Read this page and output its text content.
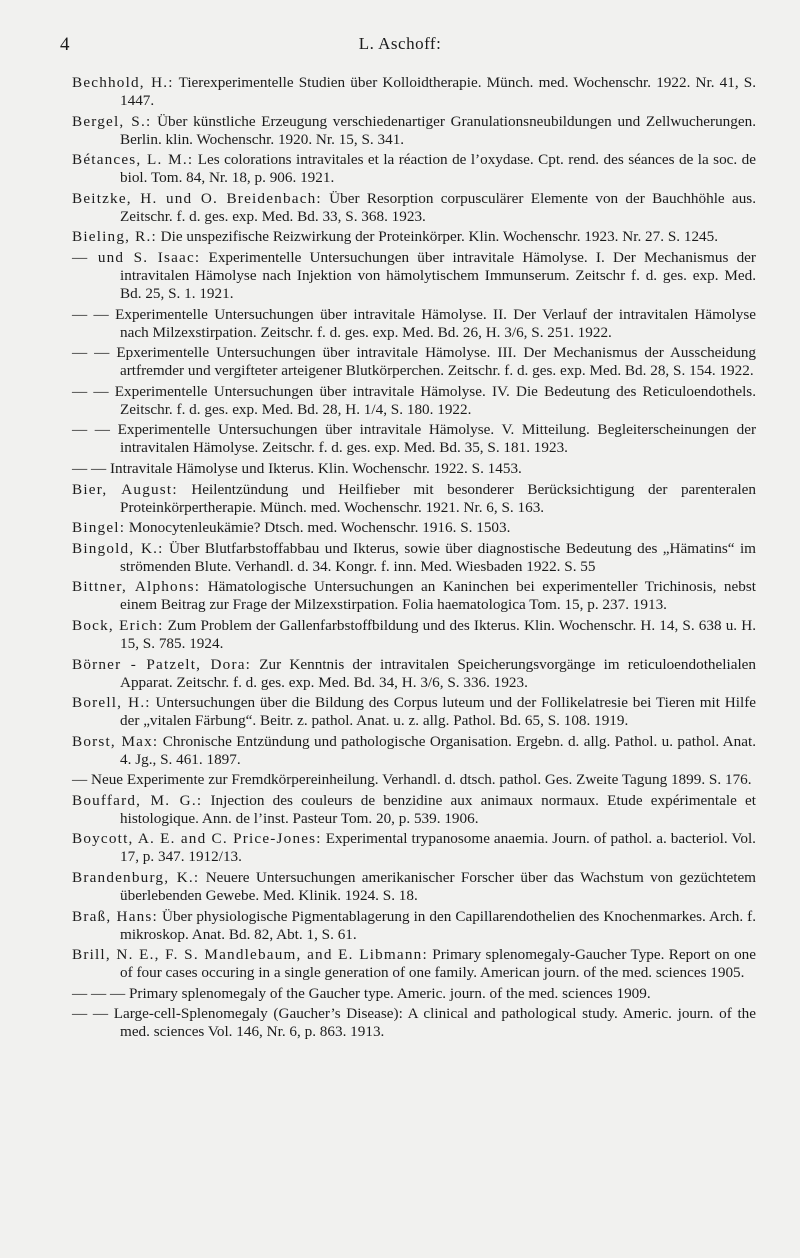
4	L. Aschoff:

Bechhold, H.: Tierexperimentelle Studien über Kolloidtherapie. Münch. med. Wochenschr. 1922. Nr. 41, S. 1447.

Bergel, S.: Über künstliche Erzeugung verschiedenartiger Granulationsneubildungen und Zellwucherungen. Berlin. klin. Wochenschr. 1920. Nr. 15, S. 341.

Bétances, L. M.: Les colorations intravitales et la réaction de l’oxydase. Cpt. rend. des séances de la soc. de biol. Tom. 84, Nr. 18, p. 906. 1921.

Beitzke, H. und O. Breidenbach: Über Resorption corpusculärer Elemente von der Bauchhöhle aus. Zeitschr. f. d. ges. exp. Med. Bd. 33, S. 368. 1923.

Bieling, R.: Die unspezifische Reizwirkung der Proteinkörper. Klin. Wochenschr. 1923. Nr. 27. S. 1245.

— und S. Isaac: Experimentelle Untersuchungen über intravitale Hämolyse. I. Der Mechanismus der intravitalen Hämolyse nach Injektion von hämolytischem Immunserum. Zeitschr f. d. ges. exp. Med. Bd. 25, S. 1. 1921.

— — Experimentelle Untersuchungen über intravitale Hämolyse. II. Der Verlauf der intravitalen Hämolyse nach Milzexstirpation. Zeitschr. f. d. ges. exp. Med. Bd. 26, H. 3/6, S. 251. 1922.

— — Epxerimentelle Untersuchungen über intravitale Hämolyse. III. Der Mechanismus der Ausscheidung artfremder und vergifteter arteigener Blutkörperchen. Zeitschr. f. d. ges. exp. Med. Bd. 28, S. 154. 1922.

— — Experimentelle Untersuchungen über intravitale Hämolyse. IV. Die Bedeutung des Reticuloendothels. Zeitschr. f. d. ges. exp. Med. Bd. 28, H. 1/4, S. 180. 1922.

— — Experimentelle Untersuchungen über intravitale Hämolyse. V. Mitteilung. Begleiterscheinungen der intravitalen Hämolyse. Zeitschr. f. d. ges. exp. Med. Bd. 35, S. 181. 1923.

— — Intravitale Hämolyse und Ikterus. Klin. Wochenschr. 1922. S. 1453.

Bier, August: Heilentzündung und Heilfieber mit besonderer Berücksichtigung der parenteralen Proteinkörpertherapie. Münch. med. Wochenschr. 1921. Nr. 6, S. 163.

Bingel: Monocytenleukämie? Dtsch. med. Wochenschr. 1916. S. 1503.

Bingold, K.: Über Blutfarbstoffabbau und Ikterus, sowie über diagnostische Bedeutung des „Hämatins“ im strömenden Blute. Verhandl. d. 34. Kongr. f. inn. Med. Wiesbaden 1922. S. 55

Bittner, Alphons: Hämatologische Untersuchungen an Kaninchen bei experimenteller Trichinosis, nebst einem Beitrag zur Frage der Milzexstirpation. Folia haematologica Tom. 15, p. 237. 1913.

Bock, Erich: Zum Problem der Gallenfarbstoffbildung und des Ikterus. Klin. Wochenschr. H. 14, S. 638 u. H. 15, S. 785. 1924.

Börner - Patzelt, Dora: Zur Kenntnis der intravitalen Speicherungsvorgänge im reticuloendothelialen Apparat. Zeitschr. f. d. ges. exp. Med. Bd. 34, H. 3/6, S. 336. 1923.

Borell, H.: Untersuchungen über die Bildung des Corpus luteum und der Follikelatresie bei Tieren mit Hilfe der „vitalen Färbung“. Beitr. z. pathol. Anat. u. z. allg. Pathol. Bd. 65, S. 108. 1919.

Borst, Max: Chronische Entzündung und pathologische Organisation. Ergebn. d. allg. Pathol. u. pathol. Anat. 4. Jg., S. 461. 1897.

— Neue Experimente zur Fremdkörpereinheilung. Verhandl. d. dtsch. pathol. Ges. Zweite Tagung 1899. S. 176.

Bouffard, M. G.: Injection des couleurs de benzidine aux animaux normaux. Etude expérimentale et histologique. Ann. de l’inst. Pasteur Tom. 20, p. 539. 1906.

Boycott, A. E. and C. Price-Jones: Experimental trypanosome anaemia. Journ. of pathol. a. bacteriol. Vol. 17, p. 347. 1912/13.

Brandenburg, K.: Neuere Untersuchungen amerikanischer Forscher über das Wachstum von gezüchtetem überlebenden Gewebe. Med. Klinik. 1924. S. 18.

Braß, Hans: Über physiologische Pigmentablagerung in den Capillarendothelien des Knochenmarkes. Arch. f. mikroskop. Anat. Bd. 82, Abt. 1, S. 61.

Brill, N. E., F. S. Mandlebaum, and E. Libmann: Primary splenomegaly-Gaucher Type. Report on one of four cases occuring in a single generation of one family. American journ. of the med. sciences 1905.

— — — Primary splenomegaly of the Gaucher type. Americ. journ. of the med. sciences 1909.

— — Large-cell-Splenomegaly (Gaucher’s Disease): A clinical and pathological study. Americ. journ. of the med. sciences Vol. 146, Nr. 6, p. 863. 1913.
